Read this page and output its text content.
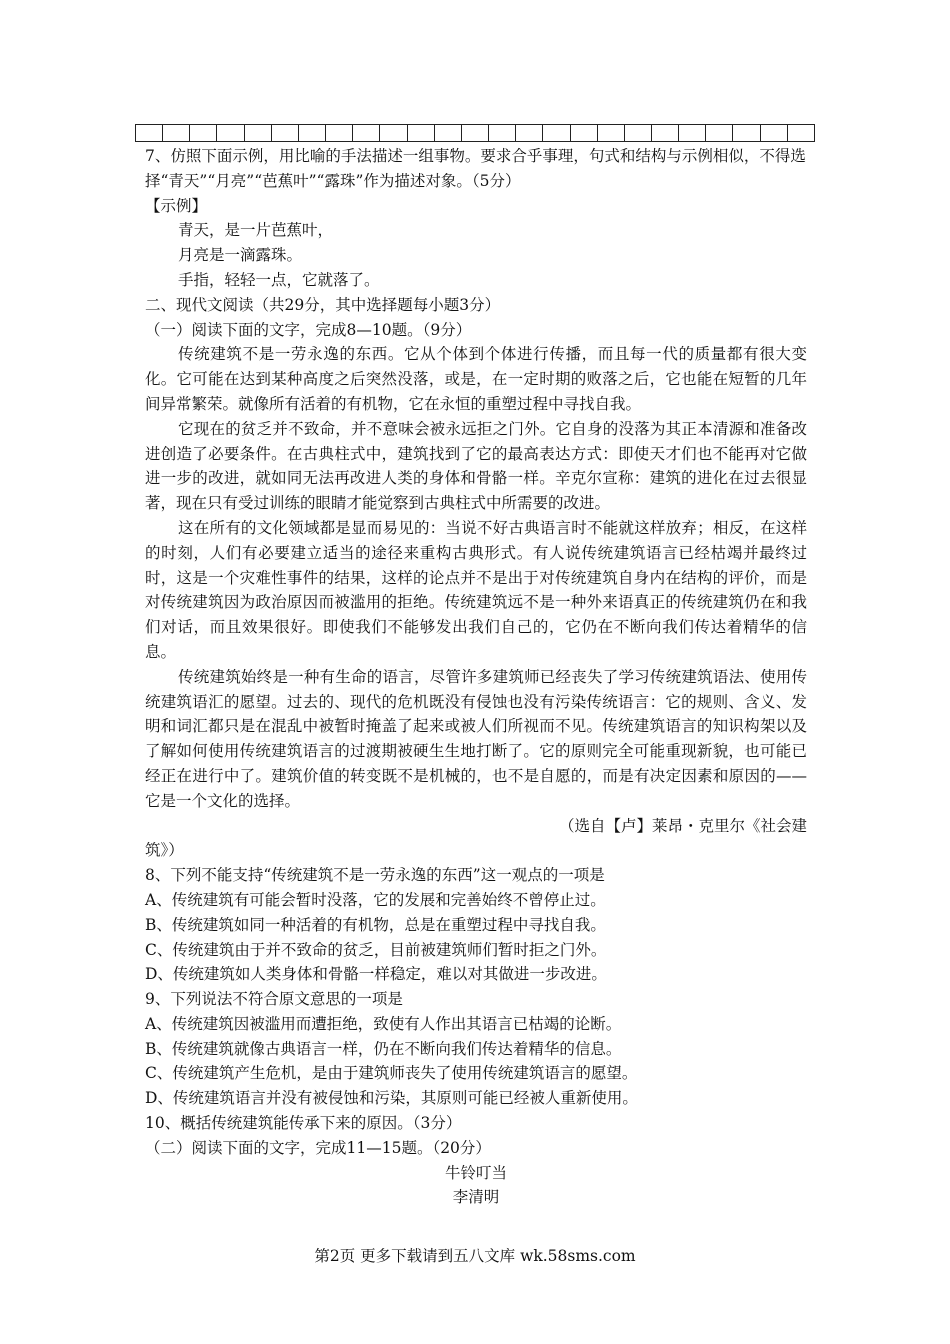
7、仿照下面示例，用比喻的手法描述一组事物。要求合乎事理，句式和结构与示例相似，不得选择“青天”“月亮”“芭蕉叶”“露珠”作为描述对象。（5分）

【示例】

青天，是一片芭蕉叶，

月亮是一滴露珠。

手指，轻轻一点，它就落了。

二、现代文阅读（共29分，其中选择题每小题3分）

（一）阅读下面的文字，完成8—10题。（9分）

传统建筑不是一劳永逸的东西。它从个体到个体进行传播，而且每一代的质量都有很大变化。它可能在达到某种高度之后突然没落，或是，在一定时期的败落之后，它也能在短暂的几年间异常繁荣。就像所有活着的有机物，它在永恒的重塑过程中寻找自我。

它现在的贫乏并不致命，并不意味会被永远拒之门外。它自身的没落为其正本清源和准备改进创造了必要条件。在古典柱式中，建筑找到了它的最高表达方式：即使天才们也不能再对它做进一步的改进，就如同无法再改进人类的身体和骨骼一样。辛克尔宣称：建筑的进化在过去很显著，现在只有受过训练的眼睛才能觉察到古典柱式中所需要的改进。

这在所有的文化领域都是显而易见的：当说不好古典语言时不能就这样放弃；相反，在这样的时刻，人们有必要建立适当的途径来重构古典形式。有人说传统建筑语言已经枯竭并最终过时，这是一个灾难性事件的结果，这样的论点并不是出于对传统建筑自身内在结构的评价，而是对传统建筑因为政治原因而被滥用的拒绝。传统建筑远不是一种外来语真正的传统建筑仍在和我们对话，而且效果很好。即使我们不能够发出我们自己的，它仍在不断向我们传达着精华的信息。

传统建筑始终是一种有生命的语言，尽管许多建筑师已经丧失了学习传统建筑语法、使用传统建筑语汇的愿望。过去的、现代的危机既没有侵蚀也没有污染传统语言：它的规则、含义、发明和词汇都只是在混乱中被暂时掩盖了起来或被人们所视而不见。传统建筑语言的知识构架以及了解如何使用传统建筑语言的过渡期被硬生生地打断了。它的原则完全可能重现新貌，也可能已经正在进行中了。建筑价值的转变既不是机械的，也不是自愿的，而是有决定因素和原因的——它是一个文化的选择。

（选自【卢】莱昂・克里尔《社会建

筑》）

8、下列不能支持“传统建筑不是一劳永逸的东西”这一观点的一项是

A、传统建筑有可能会暂时没落，它的发展和完善始终不曾停止过。

B、传统建筑如同一种活着的有机物，总是在重塑过程中寻找自我。

C、传统建筑由于并不致命的贫乏，目前被建筑师们暂时拒之门外。

D、传统建筑如人类身体和骨骼一样稳定，难以对其做进一步改进。

9、下列说法不符合原文意思的一项是

A、传统建筑因被滥用而遭拒绝，致使有人作出其语言已枯竭的论断。

B、传统建筑就像古典语言一样，仍在不断向我们传达着精华的信息。

C、传统建筑产生危机，是由于建筑师丧失了使用传统建筑语言的愿望。

D、传统建筑语言并没有被侵蚀和污染，其原则可能已经被人重新使用。

10、概括传统建筑能传承下来的原因。（3分）

（二）阅读下面的文字，完成11—15题。（20分）

牛铃叮当

李清明

第2页 更多下载请到五八文库 wk.58sms.com
